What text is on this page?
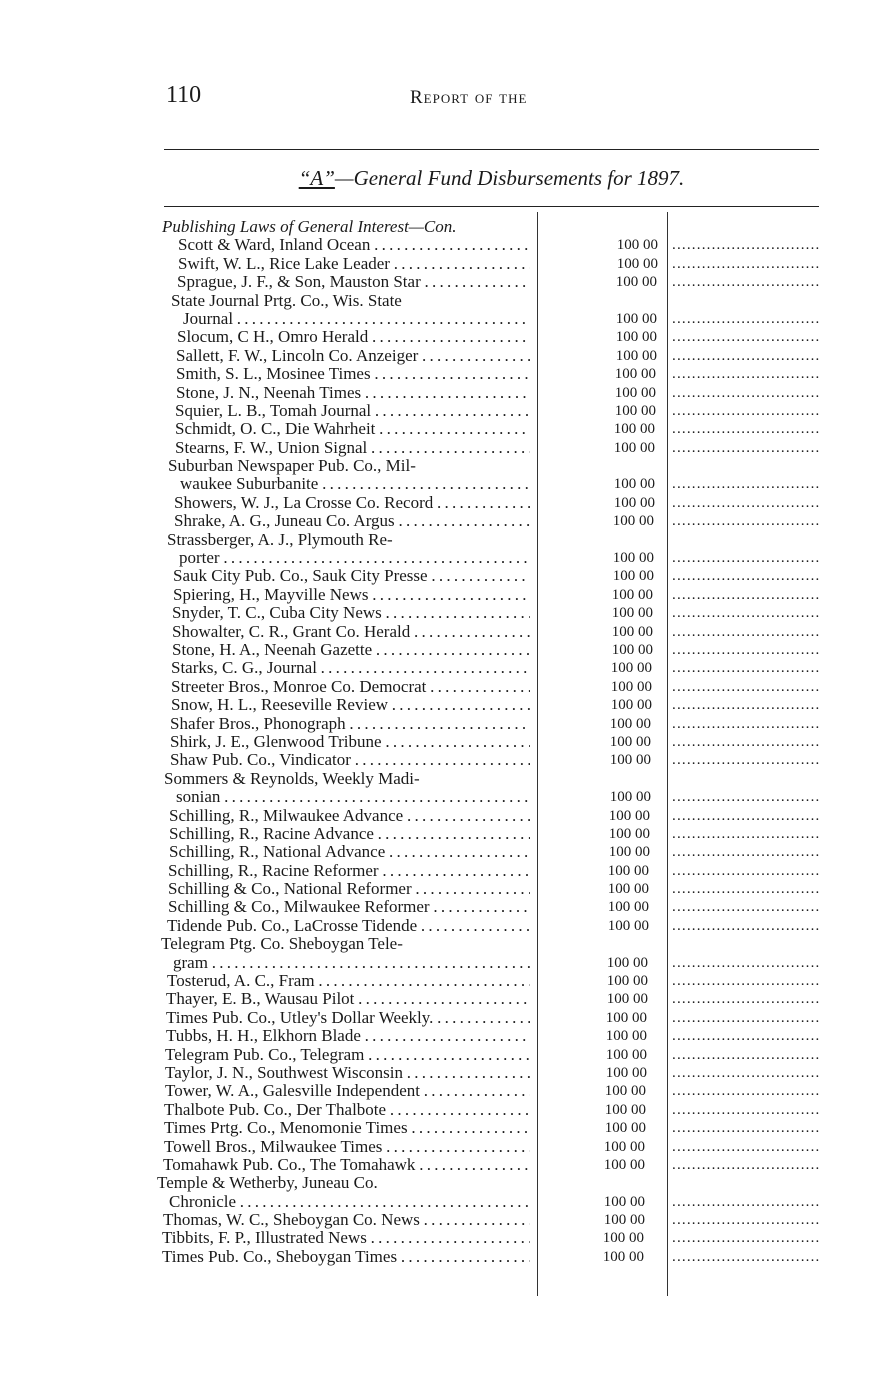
110	Report of the
“A”—General Fund Disbursements for 1897.
Publishing Laws of General Interest—Con.
Scott & Ward, Inland Ocean . . .	100 00
.....
Swift, W. L., Rice Lake Leader . . .	100 00
.....
Sprague, J. F., & Son, Mauston Star . . .	100 00
.....
State Journal Prtg. Co., Wis. State
Journal . . .	100 00
.....
Slocum, C H., Omro Herald . . .	100 00
.....
Sallett, F. W., Lincoln Co. Anzeiger . . .	100 00
.....
Smith, S. L., Mosinee Times . . .	100 00
.....
Stone, J. N., Neenah Times . . .	100 00
.....
Squier, L. B., Tomah Journal . . .	100 00
.....
Schmidt, O. C., Die Wahrheit . . .	100 00
.....
Stearns, F. W., Union Signal . . .	100 00
.....
Suburban Newspaper Pub. Co., Mil-
waukee Suburbanite . . .	100 00
.....
Showers, W. J., La Crosse Co. Record . . .	100 00
.....
Shrake, A. G., Juneau Co. Argus . . .	100 00
.....
Strassberger, A. J., Plymouth Re-
porter . . .	100 00
.....
Sauk City Pub. Co., Sauk City Presse . . .	100 00
.....
Spiering, H., Mayville News . . .	100 00
.....
Snyder, T. C., Cuba City News . . .	100 00
.....
Showalter, C. R., Grant Co. Herald . . .	100 00
.....
Stone, H. A., Neenah Gazette . . .	100 00
.....
Starks, C. G., Journal . . .	100 00
.....
Streeter Bros., Monroe Co. Democrat . . .	100 00
.....
Snow, H. L., Reeseville Review . . .	100 00
.....
Shafer Bros., Phonograph . . .	100 00
.....
Shirk, J. E., Glenwood Tribune . . .	100 00
.....
Shaw Pub. Co., Vindicator . . .	100 00
.....
Sommers & Reynolds, Weekly Madi-
sonian . . .	100 00
.....
Schilling, R., Milwaukee Advance . . .	100 00
.....
Schilling, R., Racine Advance . . .	100 00
.....
Schilling, R., National Advance . . .	100 00
.....
Schilling, R., Racine Reformer . . .	100 00
.....
Schilling & Co., National Reformer . . .	100 00
.....
Schilling & Co., Milwaukee Reformer . . .	100 00
.....
Tidende Pub. Co., LaCrosse Tidende . . .	100 00
.....
Telegram Ptg. Co. Sheboygan Tele-
gram . . .	100 00
.....
Tosterud, A. C., Fram . . .	100 00
.....
Thayer, E. B., Wausau Pilot . . .	100 00
.....
Times Pub. Co., Utley's Dollar Weekly. . . .	100 00
.....
Tubbs, H. H., Elkhorn Blade . . .	100 00
.....
Telegram Pub. Co., Telegram . . .	100 00
.....
Taylor, J. N., Southwest Wisconsin . . .	100 00
.....
Tower, W. A., Galesville Independent . . .	100 00
.....
Thalbote Pub. Co., Der Thalbote . . .	100 00
.....
Times Prtg. Co., Menomonie Times . . .	100 00
.....
Towell Bros., Milwaukee Times . . .	100 00
.....
Tomahawk Pub. Co., The Tomahawk . . .	100 00
.....
Temple & Wetherby, Juneau Co.
Chronicle . . .	100 00
.....
Thomas, W. C., Sheboygan Co. News . . .	100 00
.....
Tibbits, F. P., Illustrated News . . .	100 00
.....
Times Pub. Co., Sheboygan Times . . .	100 00
.....
